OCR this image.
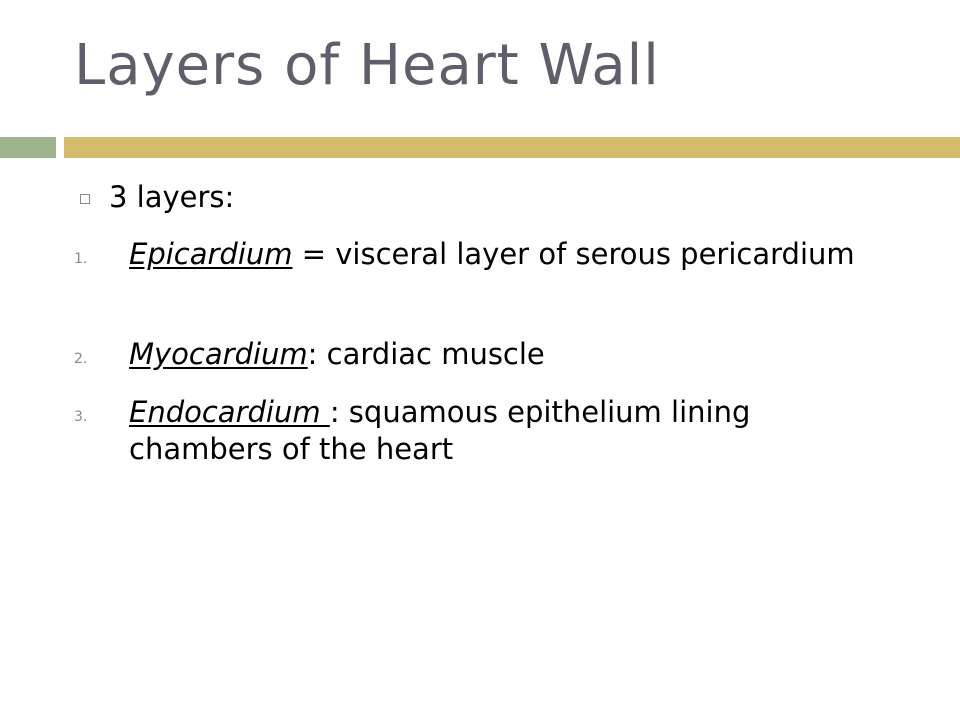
Layers of Heart Wall
3 layers:
1.	Epicardium = visceral layer of serous pericardium
2.	Myocardium: cardiac muscle
3.	Endocardium : squamous epithelium lining chambers of the heart
